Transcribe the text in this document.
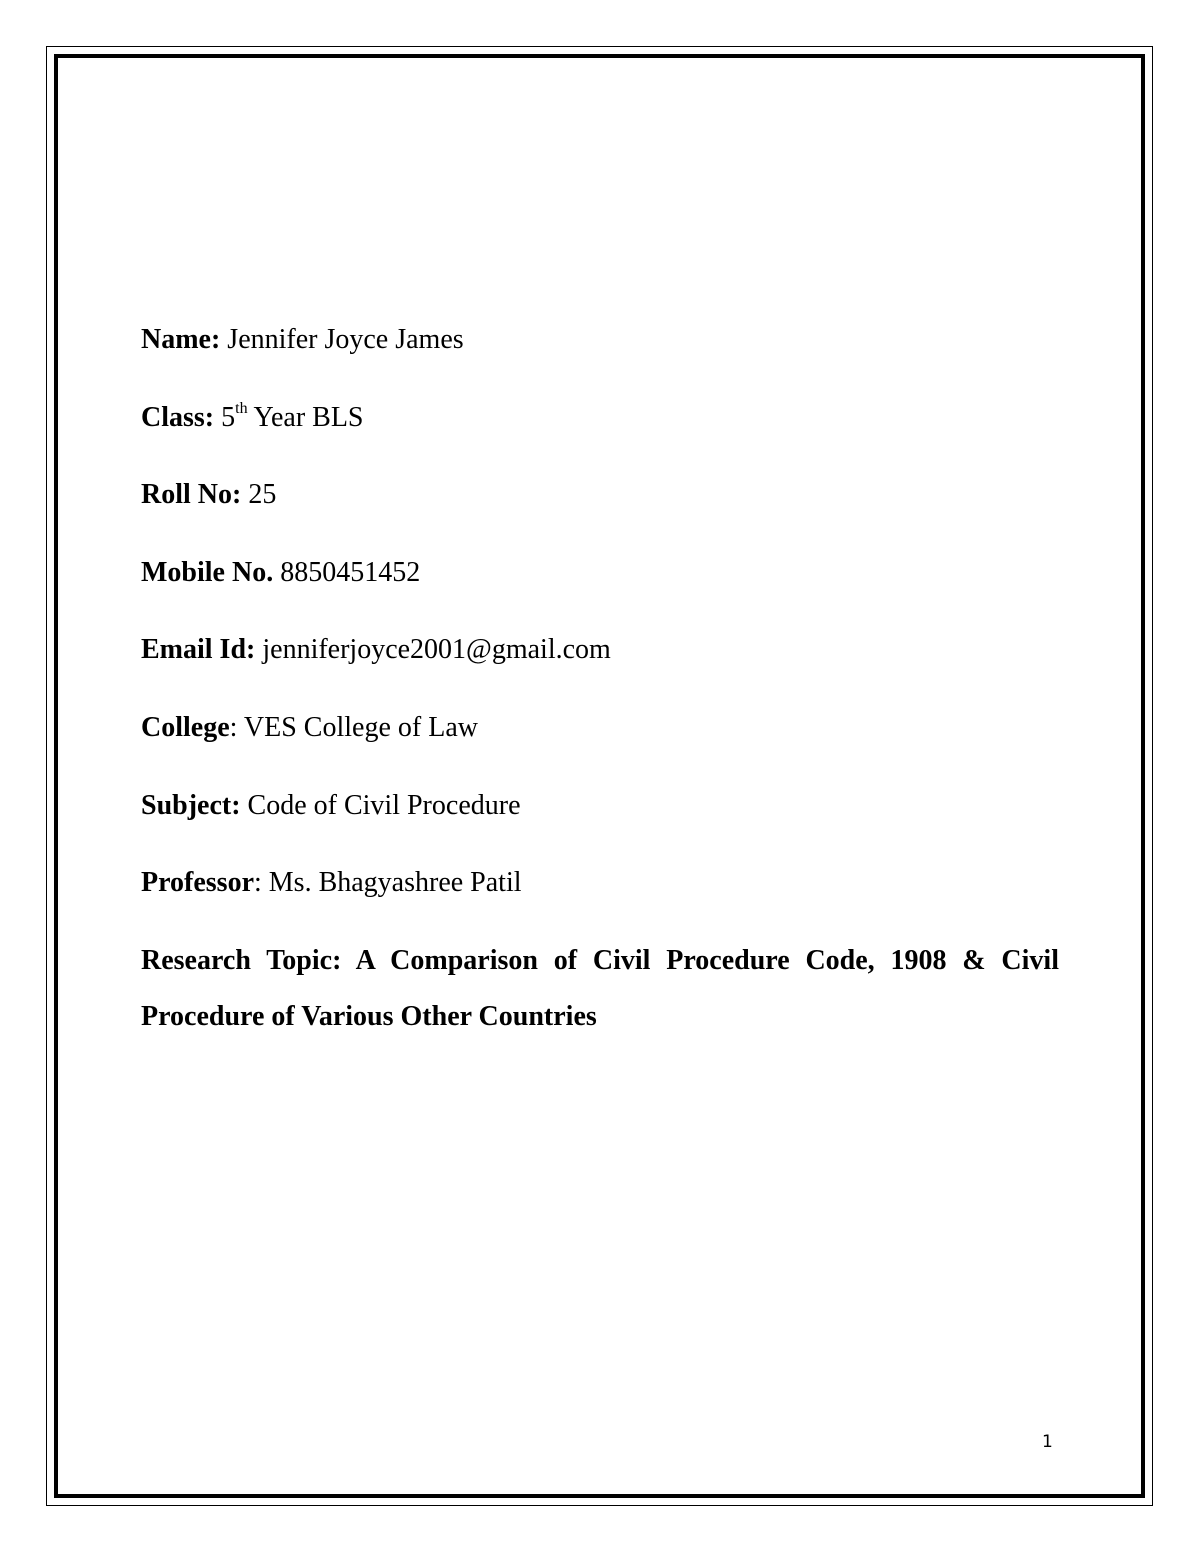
Name: Jennifer Joyce James
Class: 5th Year BLS
Roll No: 25
Mobile No. 8850451452
Email Id: jenniferjoyce2001@gmail.com
College: VES College of Law
Subject: Code of Civil Procedure
Professor: Ms. Bhagyashree Patil
Research Topic: A Comparison of Civil Procedure Code, 1908 & Civil Procedure of Various Other Countries
1
